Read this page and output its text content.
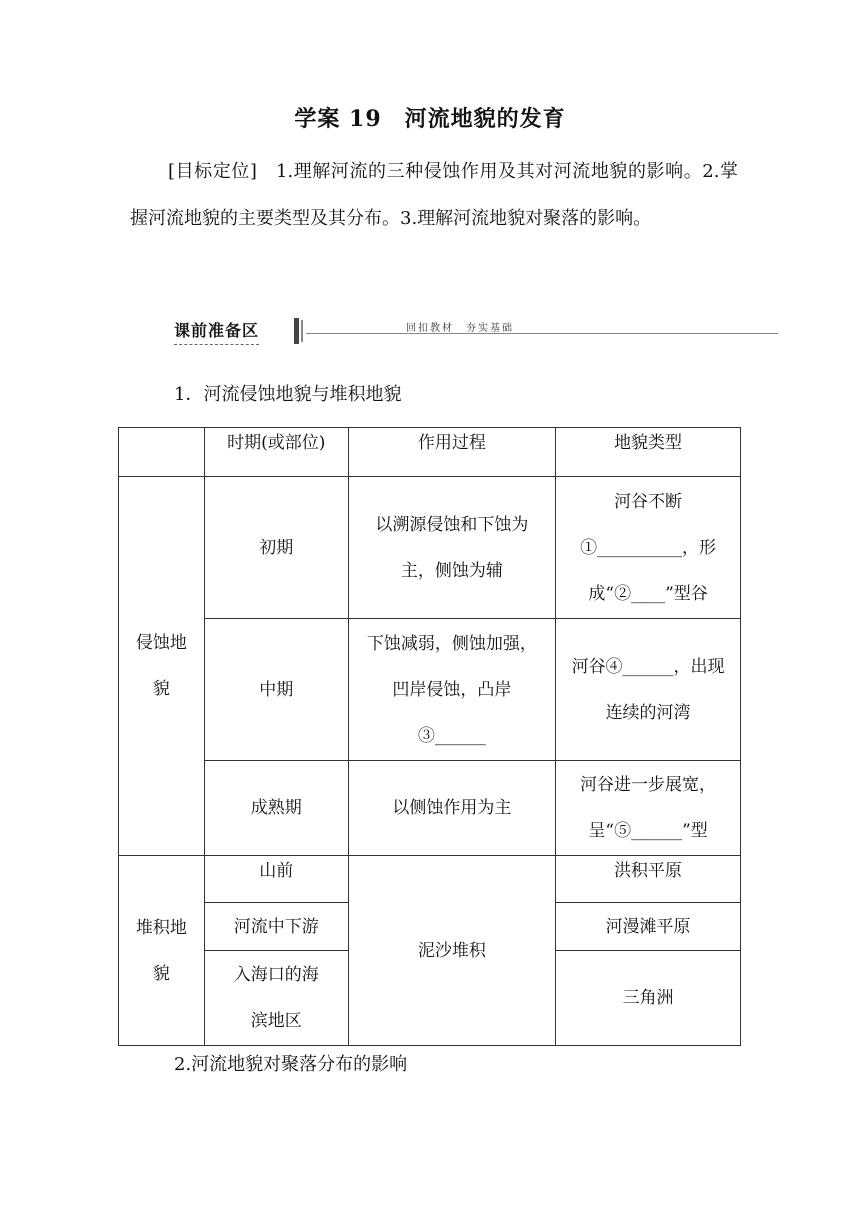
学案 19　河流地貌的发育
[目标定位]　1.理解河流的三种侵蚀作用及其对河流地貌的影响。2.掌握河流地貌的主要类型及其分布。3.理解河流地貌对聚落的影响。
课前准备区	回扣教材　夯实基础
1．河流侵蚀地貌与堆积地貌
	时期(或部位)	作用过程	地貌类型
侵蚀地貌	初期	以溯源侵蚀和下蚀为主，侧蚀为辅	河谷不断①__________，形成“②____”型谷
	中期	下蚀减弱，侧蚀加强，凹岸侵蚀，凸岸③______	河谷④______，出现连续的河湾
	成熟期	以侧蚀作用为主	河谷进一步展宽，呈“⑤______”型
堆积地貌	山前	泥沙堆积	洪积平原
	河流中下游		河漫滩平原
	入海口的海滨地区		三角洲
2.河流地貌对聚落分布的影响
